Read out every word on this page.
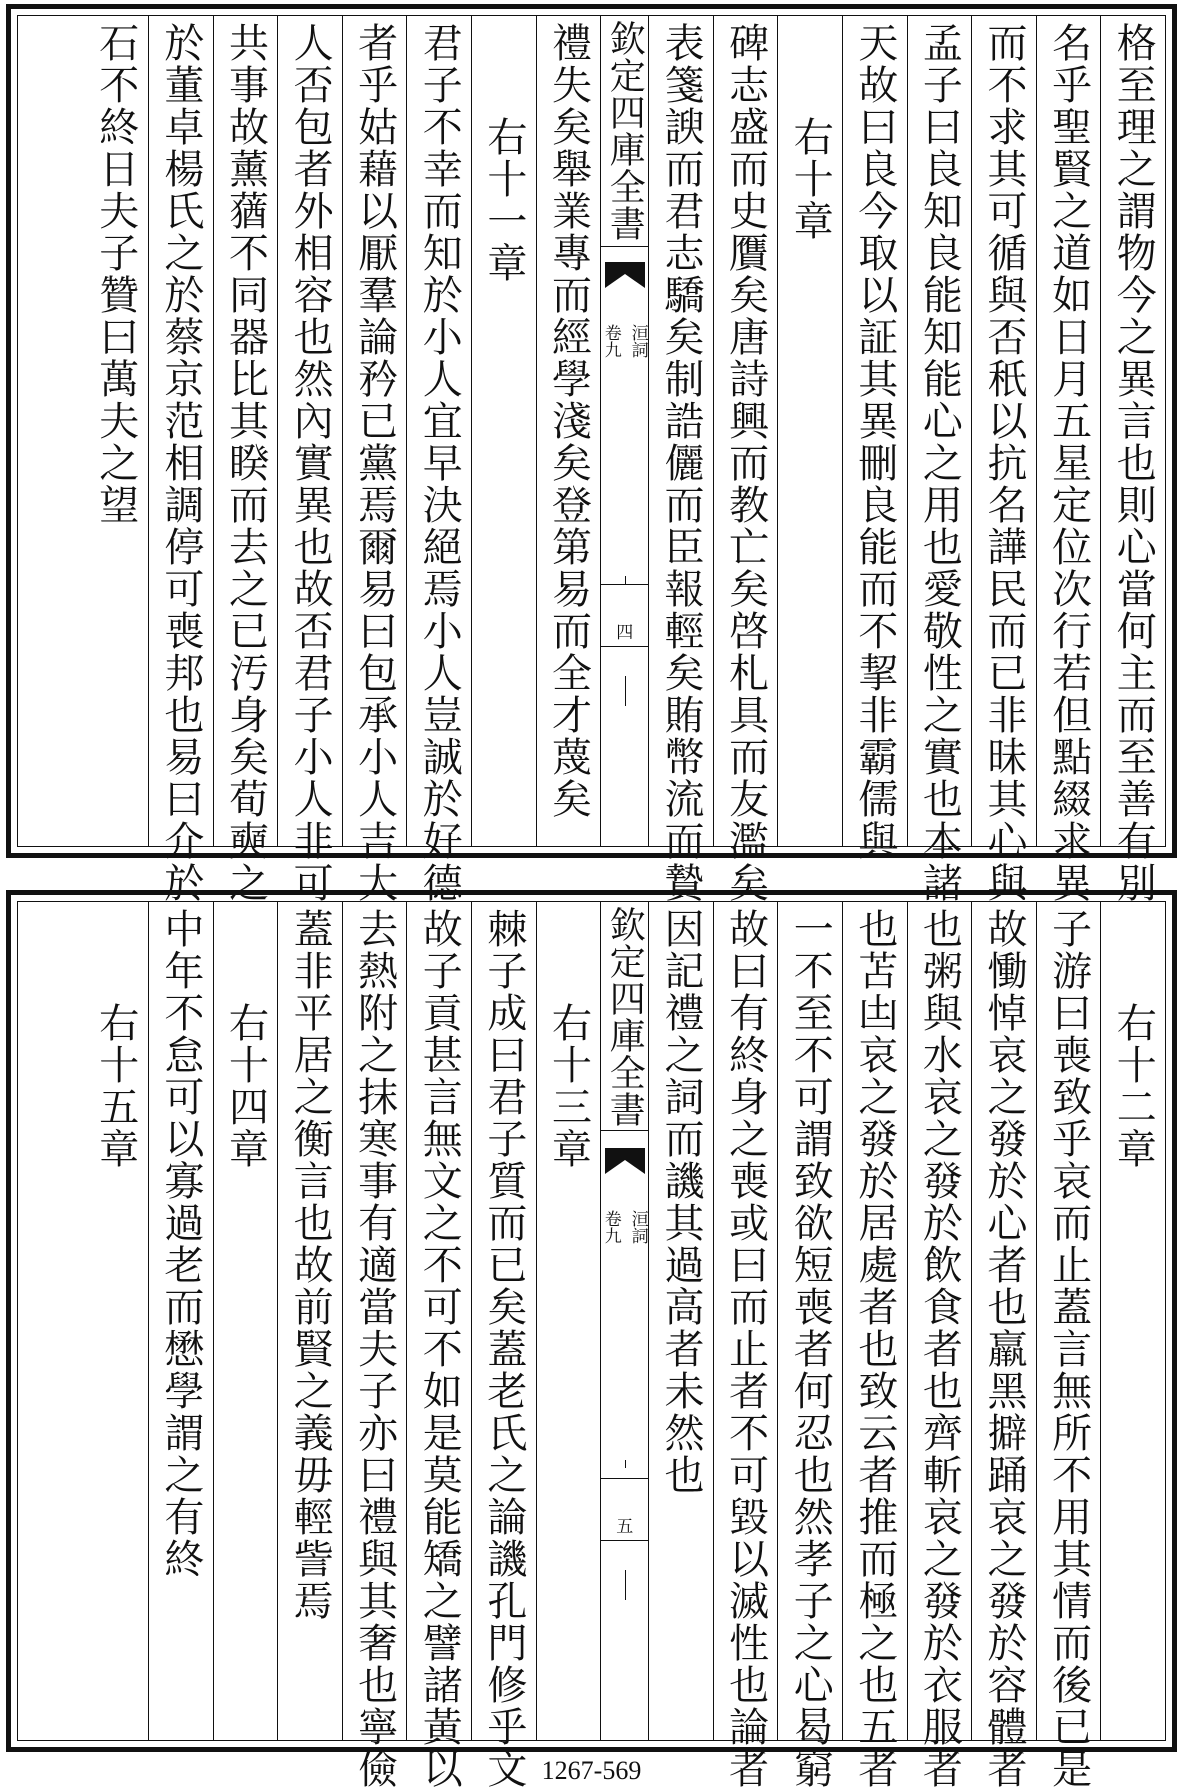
格至理之謂物今之異言也則心當何主而至善有別
名乎聖賢之道如日月五星定位次行若但點綴求異
而不求其可循與否秖以抗名譁民而已非昧其心與
孟子曰良知良能知能心之用也愛敬性之實也本諸
天故曰良今取以証其異刪良能而不挈非霸儒與
右十章
碑志盛而史贋矣唐詩興而教亡矣啓札具而友濫矣
表箋諛而君志驕矣制誥儷而臣報輕矣賄幣流而贄
欽定四庫全書
洹詞
卷九
四
禮失矣舉業專而經學淺矣登第易而全才蔑矣
右十一章
君子不幸而知於小人宜早決絕焉小人豈誠於好德
者乎姑藉以厭羣論矜已黨焉爾易曰包承小人吉大
人否包者外相容也然內實異也故否君子小人非可
共事故薰蕕不同器比其睽而去之已汚身矣荀奭之
於董卓楊氏之於蔡京范相調停可喪邦也易曰介於
石不終日夫子贊曰萬夫之望
右十二章
子游曰喪致乎哀而止蓋言無所不用其情而後已是
故慟悼哀之發於心者也羸黑擗踊哀之發於容體者
也粥與水哀之發於飲食者也齊斬哀之發於衣服者
也苫凷哀之發於居處者也致云者推而極之也五者
一不至不可謂致欲短喪者何忍也然孝子之心曷窮
故曰有終身之喪或曰而止者不可毀以滅性也論者
因記禮之詞而譏其過高者未然也
欽定四庫全書
洹詞
卷九
五
右十三章
棘子成曰君子質而已矣蓋老氏之論譏孔門修乎文
故子貢甚言無文之不可不如是莫能矯之譬諸黃以
去熱附之抹寒事有適當夫子亦曰禮與其奢也寧儉
蓋非平居之衡言也故前賢之義毋輕訾焉
右十四章
中年不怠可以寡過老而懋學謂之有終
右十五章
1267-569
